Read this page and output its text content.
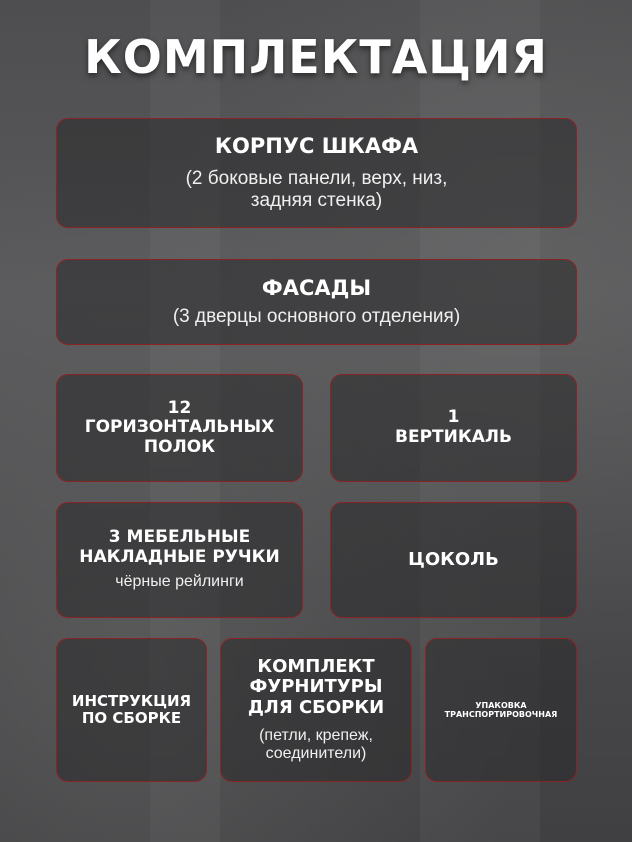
КОМПЛЕКТАЦИЯ
КОРПУС ШКАФА
(2 боковые панели, верх, низ,
задняя стенка)
ФАСАДЫ
(3 дверцы основного отделения)
12
ГОРИЗОНТАЛЬНЫХ
ПОЛОК
1
ВЕРТИКАЛЬ
3 МЕБЕЛЬНЫЕ
НАКЛАДНЫЕ РУЧКИ
чёрные рейлинги
ЦОКОЛЬ
ИНСТРУКЦИЯ
ПО СБОРКЕ
КОМПЛЕКТ
ФУРНИТУРЫ
ДЛЯ СБОРКИ
(петли, крепеж,
соединители)
УПАКОВКА
ТРАНСПОРТИРОВОЧНАЯ
